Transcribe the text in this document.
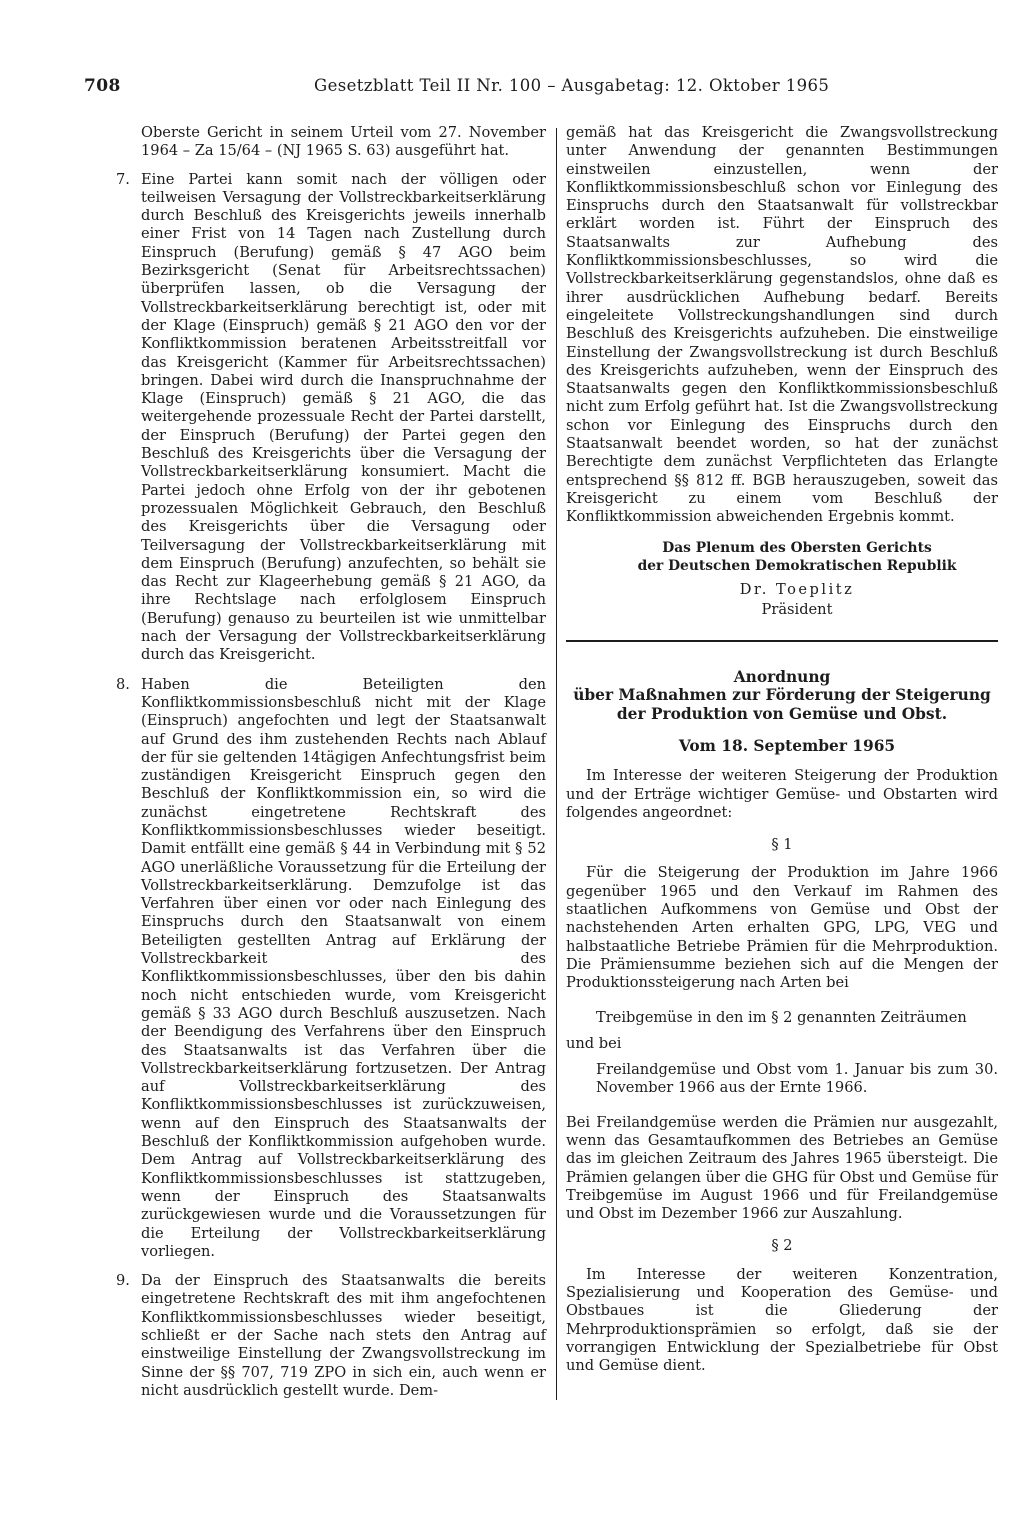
708	Gesetzblatt Teil II Nr. 100 – Ausgabetag: 12. Oktober 1965

Oberste Gericht in seinem Urteil vom 27. November 1964 – Za 15/64 – (NJ 1965 S. 63) ausgeführt hat.

7. Eine Partei kann somit nach der völligen oder teilweisen Versagung der Vollstreckbarkeitserklärung durch Beschluß des Kreisgerichts jeweils innerhalb einer Frist von 14 Tagen nach Zustellung durch Einspruch (Berufung) gemäß § 47 AGO beim Bezirksgericht (Senat für Arbeitsrechtssachen) überprüfen lassen, ob die Versagung der Vollstreckbarkeitserklärung berechtigt ist, oder mit der Klage (Einspruch) gemäß § 21 AGO den vor der Konfliktkommission beratenen Arbeitsstreitfall vor das Kreisgericht (Kammer für Arbeitsrechtssachen) bringen. Dabei wird durch die Inanspruchnahme der Klage (Einspruch) gemäß § 21 AGO, die das weitergehende prozessuale Recht der Partei darstellt, der Einspruch (Berufung) der Partei gegen den Beschluß des Kreisgerichts über die Versagung der Vollstreckbarkeitserklärung konsumiert. Macht die Partei jedoch ohne Erfolg von der ihr gebotenen prozessualen Möglichkeit Gebrauch, den Beschluß des Kreisgerichts über die Versagung oder Teilversagung der Vollstreckbarkeitserklärung mit dem Einspruch (Berufung) anzufechten, so behält sie das Recht zur Klageerhebung gemäß § 21 AGO, da ihre Rechtslage nach erfolglosem Einspruch (Berufung) genauso zu beurteilen ist wie unmittelbar nach der Versagung der Vollstreckbarkeitserklärung durch das Kreisgericht.

8. Haben die Beteiligten den Konfliktkommissionsbeschluß nicht mit der Klage (Einspruch) angefochten und legt der Staatsanwalt auf Grund des ihm zustehenden Rechts nach Ablauf der für sie geltenden 14tägigen Anfechtungsfrist beim zuständigen Kreisgericht Einspruch gegen den Beschluß der Konfliktkommission ein, so wird die zunächst eingetretene Rechtskraft des Konfliktkommissionsbeschlusses wieder beseitigt. Damit entfällt eine gemäß § 44 in Verbindung mit § 52 AGO unerläßliche Voraussetzung für die Erteilung der Vollstreckbarkeitserklärung. Demzufolge ist das Verfahren über einen vor oder nach Einlegung des Einspruchs durch den Staatsanwalt von einem Beteiligten gestellten Antrag auf Erklärung der Vollstreckbarkeit des Konfliktkommissionsbeschlusses, über den bis dahin noch nicht entschieden wurde, vom Kreisgericht gemäß § 33 AGO durch Beschluß auszusetzen. Nach der Beendigung des Verfahrens über den Einspruch des Staatsanwalts ist das Verfahren über die Vollstreckbarkeitserklärung fortzusetzen. Der Antrag auf Vollstreckbarkeitserklärung des Konfliktkommissionsbeschlusses ist zurückzuweisen, wenn auf den Einspruch des Staatsanwalts der Beschluß der Konfliktkommission aufgehoben wurde. Dem Antrag auf Vollstreckbarkeitserklärung des Konfliktkommissionsbeschlusses ist stattzugeben, wenn der Einspruch des Staatsanwalts zurückgewiesen wurde und die Voraussetzungen für die Erteilung der Vollstreckbarkeitserklärung vorliegen.

9. Da der Einspruch des Staatsanwalts die bereits eingetretene Rechtskraft des mit ihm angefochtenen Konfliktkommissionsbeschlusses wieder beseitigt, schließt er der Sache nach stets den Antrag auf einstweilige Einstellung der Zwangsvollstreckung im Sinne der §§ 707, 719 ZPO in sich ein, auch wenn er nicht ausdrücklich gestellt wurde. Dem-

gemäß hat das Kreisgericht die Zwangsvollstreckung unter Anwendung der genannten Bestimmungen einstweilen einzustellen, wenn der Konfliktkommissionsbeschluß schon vor Einlegung des Einspruchs durch den Staatsanwalt für vollstreckbar erklärt worden ist. Führt der Einspruch des Staatsanwalts zur Aufhebung des Konfliktkommissionsbeschlusses, so wird die Vollstreckbarkeitserklärung gegenstandslos, ohne daß es ihrer ausdrücklichen Aufhebung bedarf. Bereits eingeleitete Vollstreckungshandlungen sind durch Beschluß des Kreisgerichts aufzuheben. Die einstweilige Einstellung der Zwangsvollstreckung ist durch Beschluß des Kreisgerichts aufzuheben, wenn der Einspruch des Staatsanwalts gegen den Konfliktkommissionsbeschluß nicht zum Erfolg geführt hat. Ist die Zwangsvollstreckung schon vor Einlegung des Einspruchs durch den Staatsanwalt beendet worden, so hat der zunächst Berechtigte dem zunächst Verpflichteten das Erlangte entsprechend §§ 812 ff. BGB herauszugeben, soweit das Kreisgericht zu einem vom Beschluß der Konfliktkommission abweichenden Ergebnis kommt.

Das Plenum des Obersten Gerichts
der Deutschen Demokratischen Republik
Dr. Toeplitz
Präsident
Anordnung
über Maßnahmen zur Förderung der Steigerung
der Produktion von Gemüse und Obst.
Vom 18. September 1965

Im Interesse der weiteren Steigerung der Produktion und der Erträge wichtiger Gemüse- und Obstarten wird folgendes angeordnet:

§ 1

Für die Steigerung der Produktion im Jahre 1966 gegenüber 1965 und den Verkauf im Rahmen des staatlichen Aufkommens von Gemüse und Obst der nachstehenden Arten erhalten GPG, LPG, VEG und halbstaatliche Betriebe Prämien für die Mehrproduktion. Die Prämiensumme beziehen sich auf die Mengen der Produktionssteigerung nach Arten bei

Treibgemüse in den im § 2 genannten Zeiträumen

und bei

Freilandgemüse und Obst vom 1. Januar bis zum 30. November 1966 aus der Ernte 1966.

Bei Freilandgemüse werden die Prämien nur ausgezahlt, wenn das Gesamtaufkommen des Betriebes an Gemüse das im gleichen Zeitraum des Jahres 1965 übersteigt. Die Prämien gelangen über die GHG für Obst und Gemüse für Treibgemüse im August 1966 und für Freilandgemüse und Obst im Dezember 1966 zur Auszahlung.

§ 2

Im Interesse der weiteren Konzentration, Spezialisierung und Kooperation des Gemüse- und Obstbaues ist die Gliederung der Mehrproduktionsprämien so erfolgt, daß sie der vorrangigen Entwicklung der Spezialbetriebe für Obst und Gemüse dient.
